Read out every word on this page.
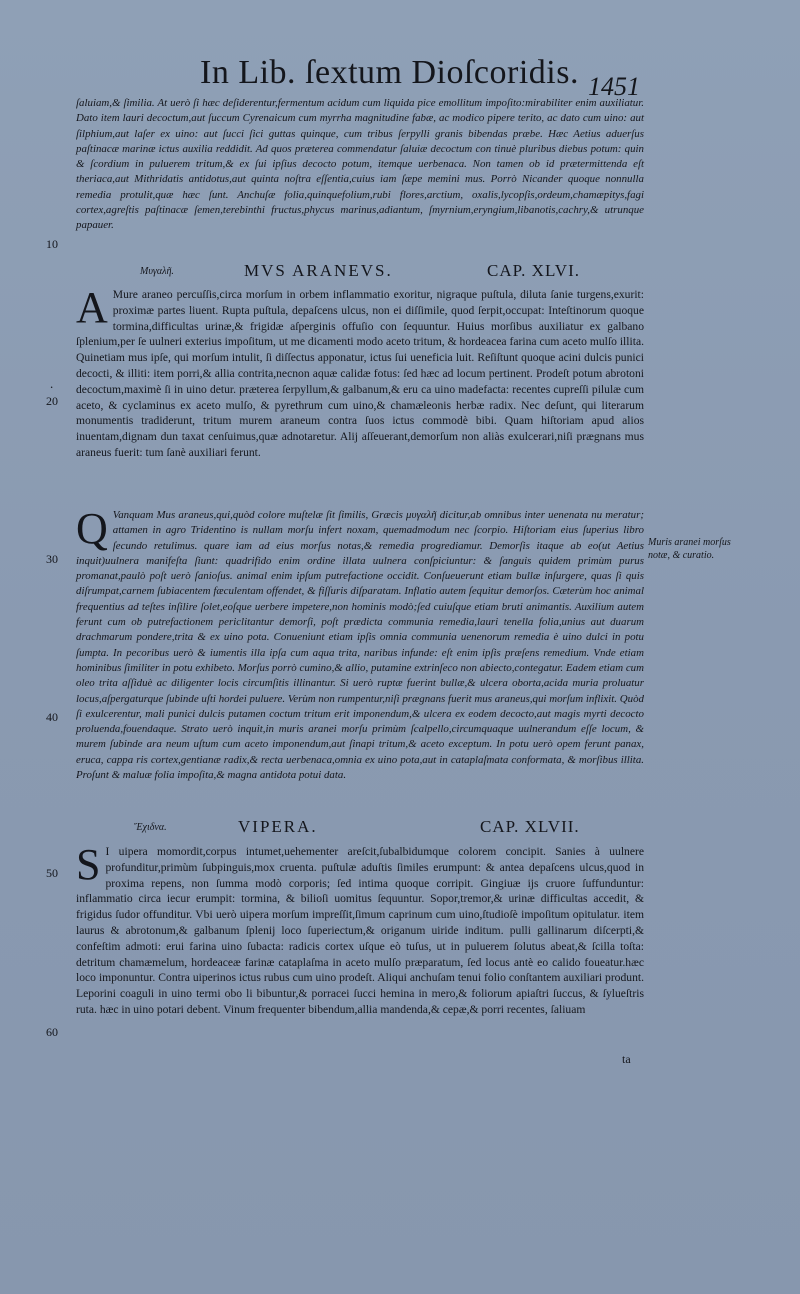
In Lib. ſextum Dioſcoridis. 1451
10
20
30
40
50
60
.
ſaluiam,& ſimilia. At uerò ſi hæc deſiderentur,fermentum acidum cum liquida pice emollitum impoſito:mirabiliter enim auxiliatur. Dato item lauri decoctum,aut ſuccum Cyrenaicum cum myrrha magnitudine fabæ, ac modico pipere terito, ac dato cum uino: aut ſilphium,aut laſer ex uino: aut ſucci ſici guttas quinque, cum tribus ſerpylli granis bibendas præbe. Hæc Aetius aduerſus paſtinacæ marinæ ictus auxilia reddidit. Ad quos præterea commendatur ſaluiæ decoctum con tinuè pluribus diebus potum: quin & ſcordium in puluerem tritum,& ex ſui ipſius decocto potum, itemque uerbenaca. Non tamen ob id prætermittenda eſt theriaca,aut Mithridatis antidotus,aut quinta noſtra eſſentia,cuius iam ſæpe memini mus. Porrò Nicander quoque nonnulla remedia protulit,quæ hæc ſunt. Anchuſæ folia,quinquefolium,rubi flores,arctium, oxalis,lycopſis,ordeum,chamæpitys,fagi cortex,agreſtis paſtinacæ ſemen,terebinthi fructus,phycus marinus,adiantum, ſmyrnium,eryngium,libanotis,cachry,& utrunque papauer.
Μυγαλῆ.	MVS ARANEVS.	CAP. XLVI.
A Mure araneo percuſſis,circa morſum in orbem inflammatio exoritur, nigraque puſtula, diluta ſanie turgens,exurit: proximæ partes liuent. Rupta puſtula, depaſcens ulcus, non ei diſſimile, quod ſerpit,occupat: Inteſtinorum quoque tormina,difficultas urinæ,& frigidæ aſperginis offuſio con ſequuntur. Huius morſibus auxiliatur ex galbano ſplenium,per ſe uulneri exterius impoſitum, ut me dicamenti modo aceto tritum, & hordeacea farina cum aceto mulſo illita. Quinetiam mus ipſe, qui morſum intulit, ſi diſſectus apponatur, ictus ſui ueneficia luit. Reſiſtunt quoque acini dulcis punici decocti, & illiti: item porri,& allia contrita,necnon aquæ calidæ fotus: ſed hæc ad locum pertinent. Prodeſt potum abrotoni decoctum,maximè ſi in uino detur. præterea ſerpyllum,& galbanum,& eru ca uino madefacta: recentes cupreſſi pilulæ cum aceto, & cyclaminus ex aceto mulſo, & pyrethrum cum uino,& chamæleonis herbæ radix. Nec deſunt, qui literarum monumentis tradiderunt, tritum murem araneum contra ſuos ictus commodè bibi. Quam hiſtoriam apud alios inuentam,dignam dun taxat cenſuimus,quæ adnotaretur. Alij aſſeuerant,demorſum non aliàs exulcerari,niſi prægnans mus araneus fuerit: tum ſanè auxiliari ferunt.
Q Vanquam Mus araneus,qui,quòd colore muſtelæ ſit ſimilis, Græcis μυγαλῆ dicitur,ab omnibus inter uenenata nu meratur; attamen in agro Tridentino is nullam morſu infert noxam, quemadmodum nec ſcorpio. Hiſtoriam eius ſuperius libro ſecundo retulimus. quare iam ad eius morſus notas,& remedia progrediamur. Demorſis itaque ab eo(ut Aetius inquit)uulnera manifeſta ſiunt: quadrifido enim ordine illata uulnera conſpiciuntur: & ſanguis quidem primùm purus promanat,paulò poſt uerò ſanioſus. animal enim ipſum putrefactione occidit. Conſueuerunt etiam bullæ inſurgere, quas ſi quis diſrumpat,carnem ſubiacentem fæculentam offendet, & fiſſuris diſparatam. Inflatio autem ſequitur demorſos. Cæterùm hoc animal frequentius ad teſtes inſilire ſolet,eoſque uerbere impetere,non hominis modò;ſed cuiuſque etiam bruti animantis. Auxilium autem ferunt cum ob putrefactionem periclitantur demorſi, poſt prædicta communia remedia,lauri tenella folia,unius aut duarum drachmarum pondere,trita & ex uino pota. Conueniunt etiam ipſis omnia communia uenenorum remedia è uino dulci in potu ſumpta. In pecoribus uerò & iumentis illa ipſa cum aqua trita, naribus infunde: eſt enim ipſis præſens remedium. Vnde etiam hominibus ſimiliter in potu exhibeto. Morſus porrò cumino,& allio, putamine extrinſeco non abiecto,contegatur. Eadem etiam cum oleo trita aſſiduè ac diligenter locis circumſitis illinantur. Si uerò ruptæ fuerint bullæ,& ulcera oborta,acida muria proluatur locus,aſpergaturque ſubinde uſti hordei puluere. Verùm non rumpentur,niſi prægnans fuerit mus araneus,qui morſum inflixit. Quòd ſi exulcerentur, mali punici dulcis putamen coctum tritum erit imponendum,& ulcera ex eodem decocto,aut magis myrti decocto proluenda,fouendaque. Strato uerò inquit,in muris aranei morſu primùm ſcalpello,circumquaque uulnerandum eſſe locum, & murem ſubinde ara neum uſtum cum aceto imponendum,aut ſinapi tritum,& aceto exceptum. In potu uerò opem ferunt panax, eruca, cappa ris cortex,gentianæ radix,& recta uerbenaca,omnia ex uino pota,aut in cataplaſmata conformata, & morſibus illita. Proſunt & maluæ folia impoſita,& magna antidota potui data.
Muris aranei morſus notæ, & curatio.
Ἔχιδνα.	VIPERA.	CAP. XLVII.
S I uipera momordit,corpus intumet,uehementer areſcit,ſubalbidumque colorem concipit. Sanies à uulnere profunditur,primùm ſubpinguis,mox cruenta. puſtulæ aduſtis ſimiles erumpunt: & antea depaſcens ulcus,quod in proxima repens, non ſumma modò corporis; ſed intima quoque corripit. Gingiuæ ijs cruore ſuffunduntur: inflammatio circa iecur erumpit: tormina, & bilioſi uomitus ſequuntur. Sopor,tremor,& urinæ difficultas accedit, & frigidus ſudor offunditur. Vbi uerò uipera morſum impreſſit,ſimum caprinum cum uino,ſtudioſè impoſitum opitulatur. item laurus & abrotonum,& galbanum ſplenij loco ſuperiectum,& origanum uiride inditum. pulli gallinarum diſcerpti,& confeſtim admoti: erui farina uino ſubacta: radicis cortex uſque eò tuſus, ut in puluerem ſolutus abeat,& ſcilla toſta: detritum chamæmelum, hordeaceæ farinæ cataplaſma in aceto mulſo præparatum, ſed locus antè eo calido foueatur.hæc loco imponuntur. Contra uiperinos ictus rubus cum uino prodeſt. Aliqui anchuſam tenui folio conſtantem auxiliari produnt. Leporini coaguli in uino termi obo li bibuntur,& porracei ſucci hemina in mero,& foliorum apiaſtri ſuccus, & ſylueſtris ruta. hæc in uino potari debent. Vinum frequenter bibendum,allia mandenda,& cepæ,& porri recentes, ſaliuam
ta
